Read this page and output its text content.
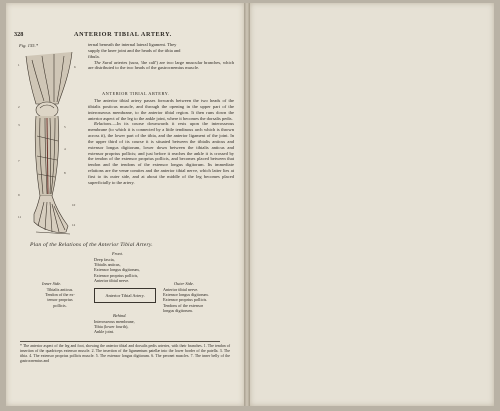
328	ANTERIOR TIBIAL ARTERY.
Fig. 155.*
1	6
2
3	5
4
7
8
9
10
11
12

ternal beneath the internal lateral ligament. They

supply the knee joint and the heads of the tibia and

fibula.

The Sural arteries (sura, 'the calf') are two large muscular branches, which are distributed to the two heads of the gastrocnemius muscle.

ANTERIOR TIBIAL ARTERY.

The anterior tibial artery passes forwards between the two heads of the tibialis posticus muscle, and through the opening in the upper part of the interosseous membrane, to the anterior tibial region. It then runs down the anterior aspect of the leg to the ankle joint, where it becomes the dorsalis pedis.

Relations.—In its course downwards it rests upon the interosseous membrane (to which it is connected by a little tendinous arch which is thrown across it), the lower part of the tibia, and the anterior ligament of the joint. In the upper third of its course it is situated between the tibialis anticus and extensor longus digitorum, lower down between the tibialis anticus and extensor proprius pollicis; and just before it reaches the ankle it is crossed by the tendon of the extensor proprius pollicis, and becomes placed between that tendon and the tendons of the extensor longus digitorum. Its immediate relations are the venæ comites and the anterior tibial nerve, which latter lies at first to its outer side, and at about the middle of the leg becomes placed superficially to the artery.

Plan of the Relations of the Anterior Tibial Artery.
Front.
Deep fascia,
Tibialis anticus,
Extensor longus digitorum,
Extensor proprius pollicis,
Anterior tibial nerve.
Inner Side.
Tibialis anticus.
Tendon of the ex-
tensor proprius
pollicis.
Anterior Tibial Artery.
Outer Side.
Anterior tibial nerve.
Extensor longus digitorum.
Extensor proprius pollicis.
Tendons of the extensor
longus digitorum.
Behind.
Interosseous membrane,
Tibia (lower fourth),
Ankle joint.
* The anterior aspect of the leg and foot, showing the anterior tibial and dorsalis pedis arteries, with their branches. 1. The tendon of insertion of the quadriceps extensor muscle. 2. The insertion of the ligamentum patellæ into the lower border of the patella. 3. The tibia. 4. The extensor proprius pollicis muscle. 5. The extensor longus digitorum. 6. The peronei muscles. 7. The inner belly of the gastrocnemius and
